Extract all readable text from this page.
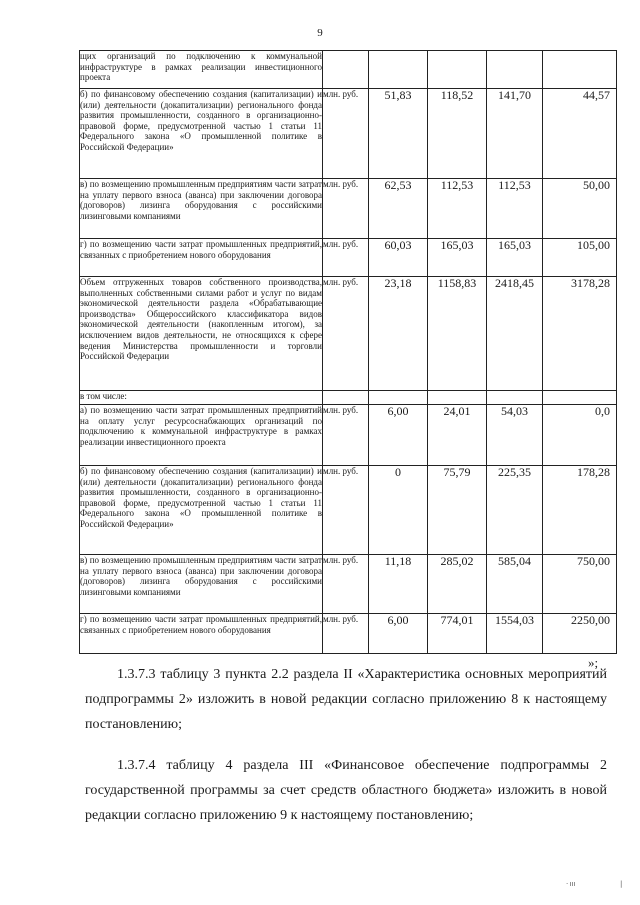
9
щих организаций по подключению к коммунальной инфраструктуре в рамках реализации инвестиционного проекта					
б) по финансовому обеспечению создания (капитализации) и (или) деятельности (докапитализации) регионального фонда развития промышленности, созданного в организационно-правовой форме, предусмотренной частью 1 статьи 11 Федерального закона «О промышленной политике в Российской Федерации»	млн. руб.	51,83	118,52	141,70	44,57
в) по возмещению промышленным предприятиям части затрат на уплату первого взноса (аванса) при заключении договора (договоров) лизинга оборудования с российскими лизинговыми компаниями	млн. руб.	62,53	112,53	112,53	50,00
г) по возмещению части затрат промышленных предприятий, связанных с приобретением нового оборудования	млн. руб.	60,03	165,03	165,03	105,00
Объем отгруженных товаров собственного производства, выполненных собственными силами работ и услуг по видам экономической деятельности раздела «Обрабатывающие производства» Общероссийского классификатора видов экономической деятельности (накопленным итогом), за исключением видов деятельности, не относящихся к сфере ведения Министерства промышленности и торговли Российской Федерации	млн. руб.	23,18	1158,83	2418,45	3178,28
в том числе:					
а) по возмещению части затрат промышленных предприятий на оплату услуг ресурсоснабжающих организаций по подключению к коммунальной инфраструктуре в рамках реализации инвестиционного проекта	млн. руб.	6,00	24,01	54,03	0,0
б) по финансовому обеспечению создания (капитализации) и (или) деятельности (докапитализации) регионального фонда развития промышленности, созданного в организационно-правовой форме, предусмотренной частью 1 статьи 11 Федерального закона «О промышленной политике в Российской Федерации»	млн. руб.	0	75,79	225,35	178,28
в) по возмещению промышленным предприятиям части затрат на уплату первого взноса (аванса) при заключении договора (договоров) лизинга оборудования с российскими лизинговыми компаниями	млн. руб.	11,18	285,02	585,04	750,00
г) по возмещению части затрат промышленных предприятий, связанных с приобретением нового оборудования	млн. руб.	6,00	774,01	1554,03	2250,00
»;

1.3.7.3 таблицу 3 пункта 2.2 раздела II «Характеристика основных мероприятий подпрограммы 2» изложить в новой редакции согласно приложению 8 к настоящему постановлению;

1.3.7.4 таблицу 4 раздела III «Финансовое обеспечение подпрограммы 2 государственной программы за счет средств областного бюджета» изложить в новой редакции согласно приложению 9 к настоящему постановлению;

· ııı	|
